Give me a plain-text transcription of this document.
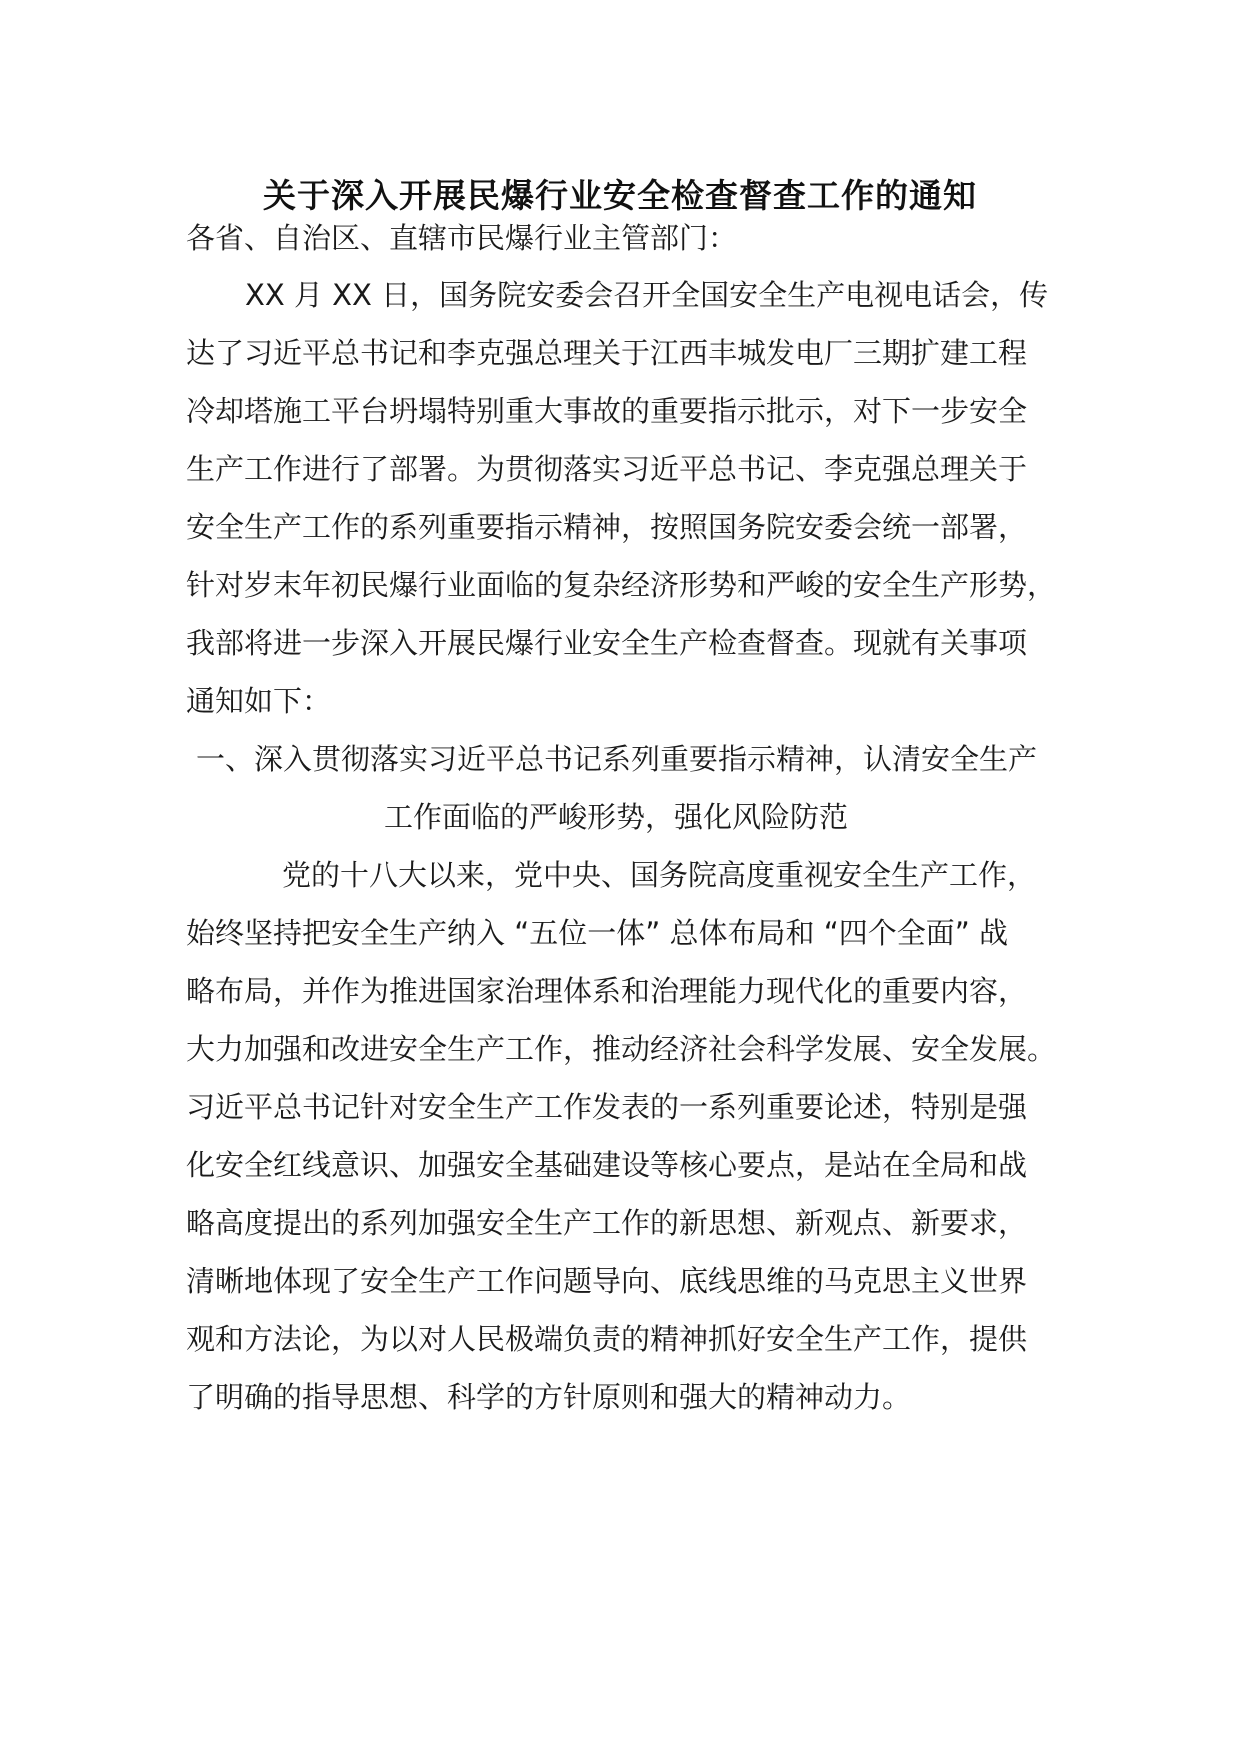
关于深入开展民爆行业安全检查督查工作的通知
各省、自治区、直辖市民爆行业主管部门：
XX 月 XX 日，国务院安委会召开全国安全生产电视电话会，传
达了习近平总书记和李克强总理关于江西丰城发电厂三期扩建工程
冷却塔施工平台坍塌特别重大事故的重要指示批示，对下一步安全
生产工作进行了部署。为贯彻落实习近平总书记、李克强总理关于
安全生产工作的系列重要指示精神，按照国务院安委会统一部署，
针对岁末年初民爆行业面临的复杂经济形势和严峻的安全生产形势，
我部将进一步深入开展民爆行业安全生产检查督查。现就有关事项
通知如下：
一、深入贯彻落实习近平总书记系列重要指示精神，认清安全生产
工作面临的严峻形势，强化风险防范
党的十八大以来，党中央、国务院高度重视安全生产工作，
始终坚持把安全生产纳入 “五位一体” 总体布局和 “四个全面” 战
略布局，并作为推进国家治理体系和治理能力现代化的重要内容，
大力加强和改进安全生产工作，推动经济社会科学发展、安全发展。
习近平总书记针对安全生产工作发表的一系列重要论述，特别是强
化安全红线意识、加强安全基础建设等核心要点，是站在全局和战
略高度提出的系列加强安全生产工作的新思想、新观点、新要求，
清晰地体现了安全生产工作问题导向、底线思维的马克思主义世界
观和方法论，为以对人民极端负责的精神抓好安全生产工作，提供
了明确的指导思想、科学的方针原则和强大的精神动力。
